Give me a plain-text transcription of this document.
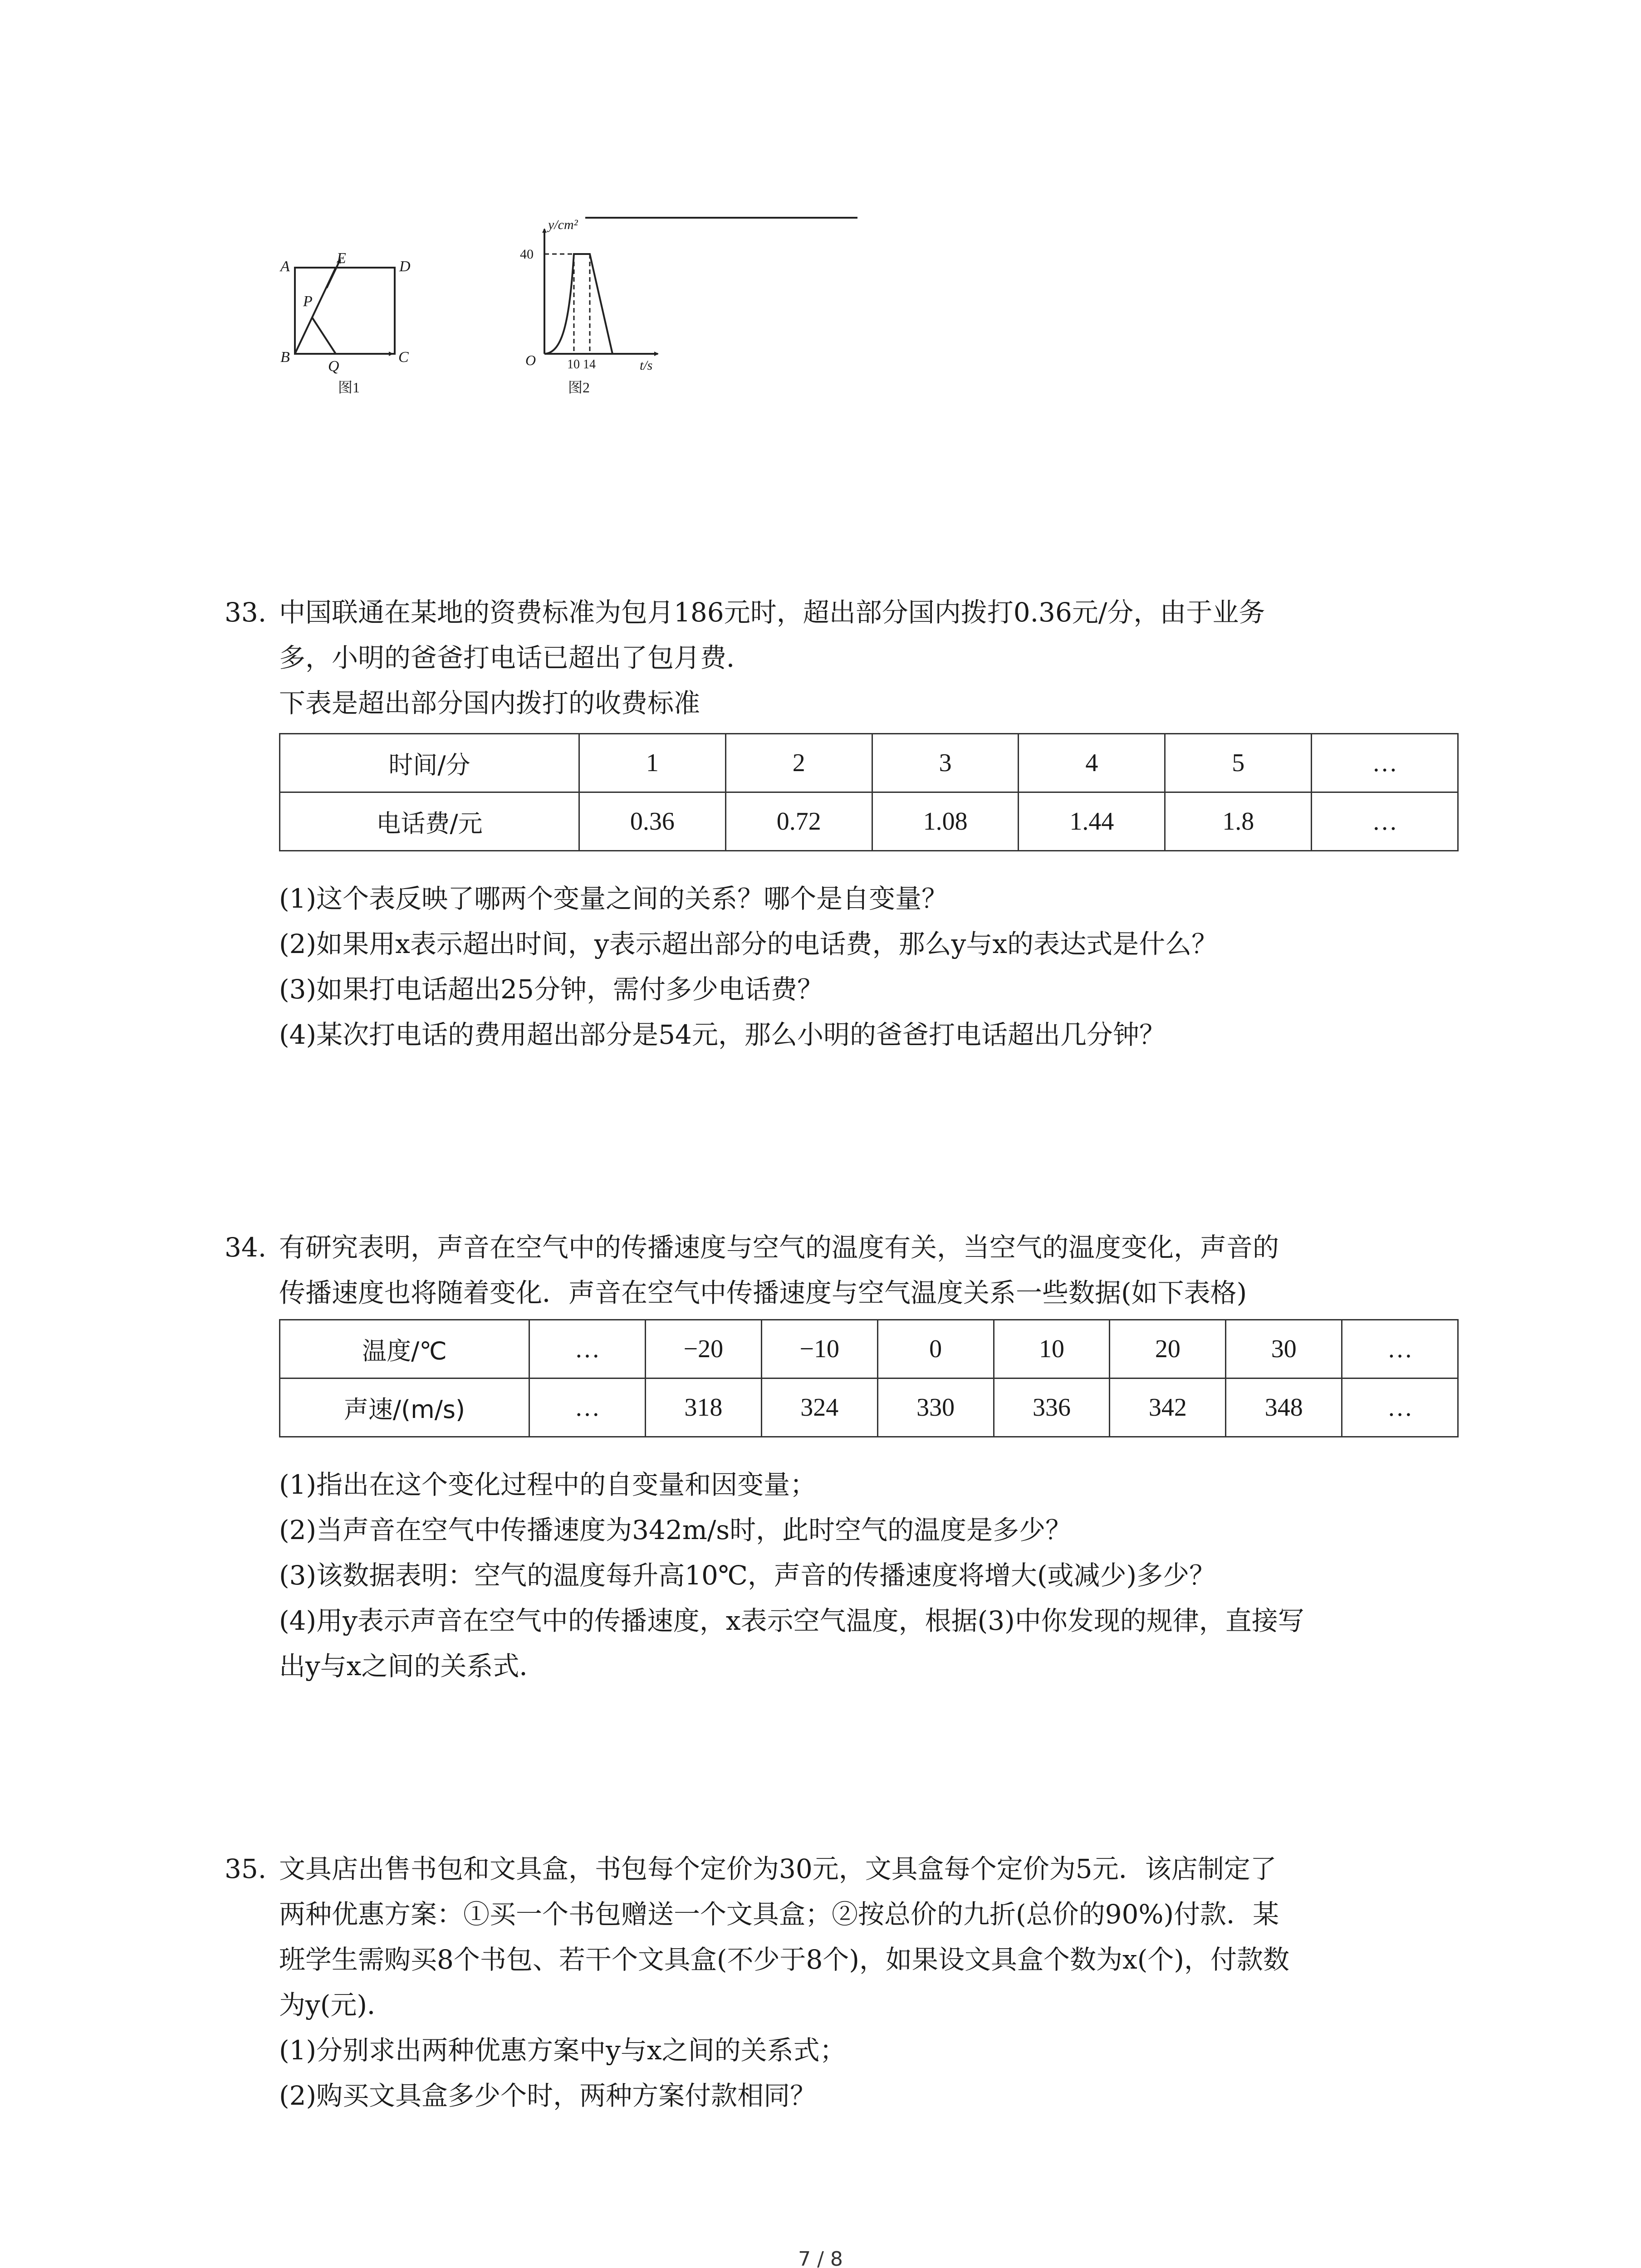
A	E	D
P
B
Q
C
图1
y/cm²
t/s
O
40
10 14
图2
33. 中国联通在某地的资费标准为包月186元时，超出部分国内拨打0.36元/分，由于业务
多，小明的爸爸打电话已超出了包月费．
下表是超出部分国内拨打的收费标准
时间/分	1	2	3	4	5	…
电话费/元	0.36	0.72	1.08	1.44	1.8	…
(1)这个表反映了哪两个变量之间的关系？哪个是自变量？
(2)如果用x表示超出时间，y表示超出部分的电话费，那么y与x的表达式是什么？
(3)如果打电话超出25分钟，需付多少电话费？
(4)某次打电话的费用超出部分是54元，那么小明的爸爸打电话超出几分钟？
34. 有研究表明，声音在空气中的传播速度与空气的温度有关，当空气的温度变化，声音的
传播速度也将随着变化．声音在空气中传播速度与空气温度关系一些数据(如下表格)
温度/℃	…	−20	−10	0	10	20	30	…
声速/(m/s)	…	318	324	330	336	342	348	…
(1)指出在这个变化过程中的自变量和因变量；
(2)当声音在空气中传播速度为342m/s时，此时空气的温度是多少？
(3)该数据表明：空气的温度每升高10℃，声音的传播速度将增大(或减少)多少？
(4)用y表示声音在空气中的传播速度，x表示空气温度，根据(3)中你发现的规律，直接写
出y与x之间的关系式．
35. 文具店出售书包和文具盒，书包每个定价为30元，文具盒每个定价为5元．该店制定了
两种优惠方案：①买一个书包赠送一个文具盒；②按总价的九折(总价的90%)付款．某
班学生需购买8个书包、若干个文具盒(不少于8个)，如果设文具盒个数为x(个)，付款数
为y(元)．
(1)分别求出两种优惠方案中y与x之间的关系式；
(2)购买文具盒多少个时，两种方案付款相同？
7 / 8
